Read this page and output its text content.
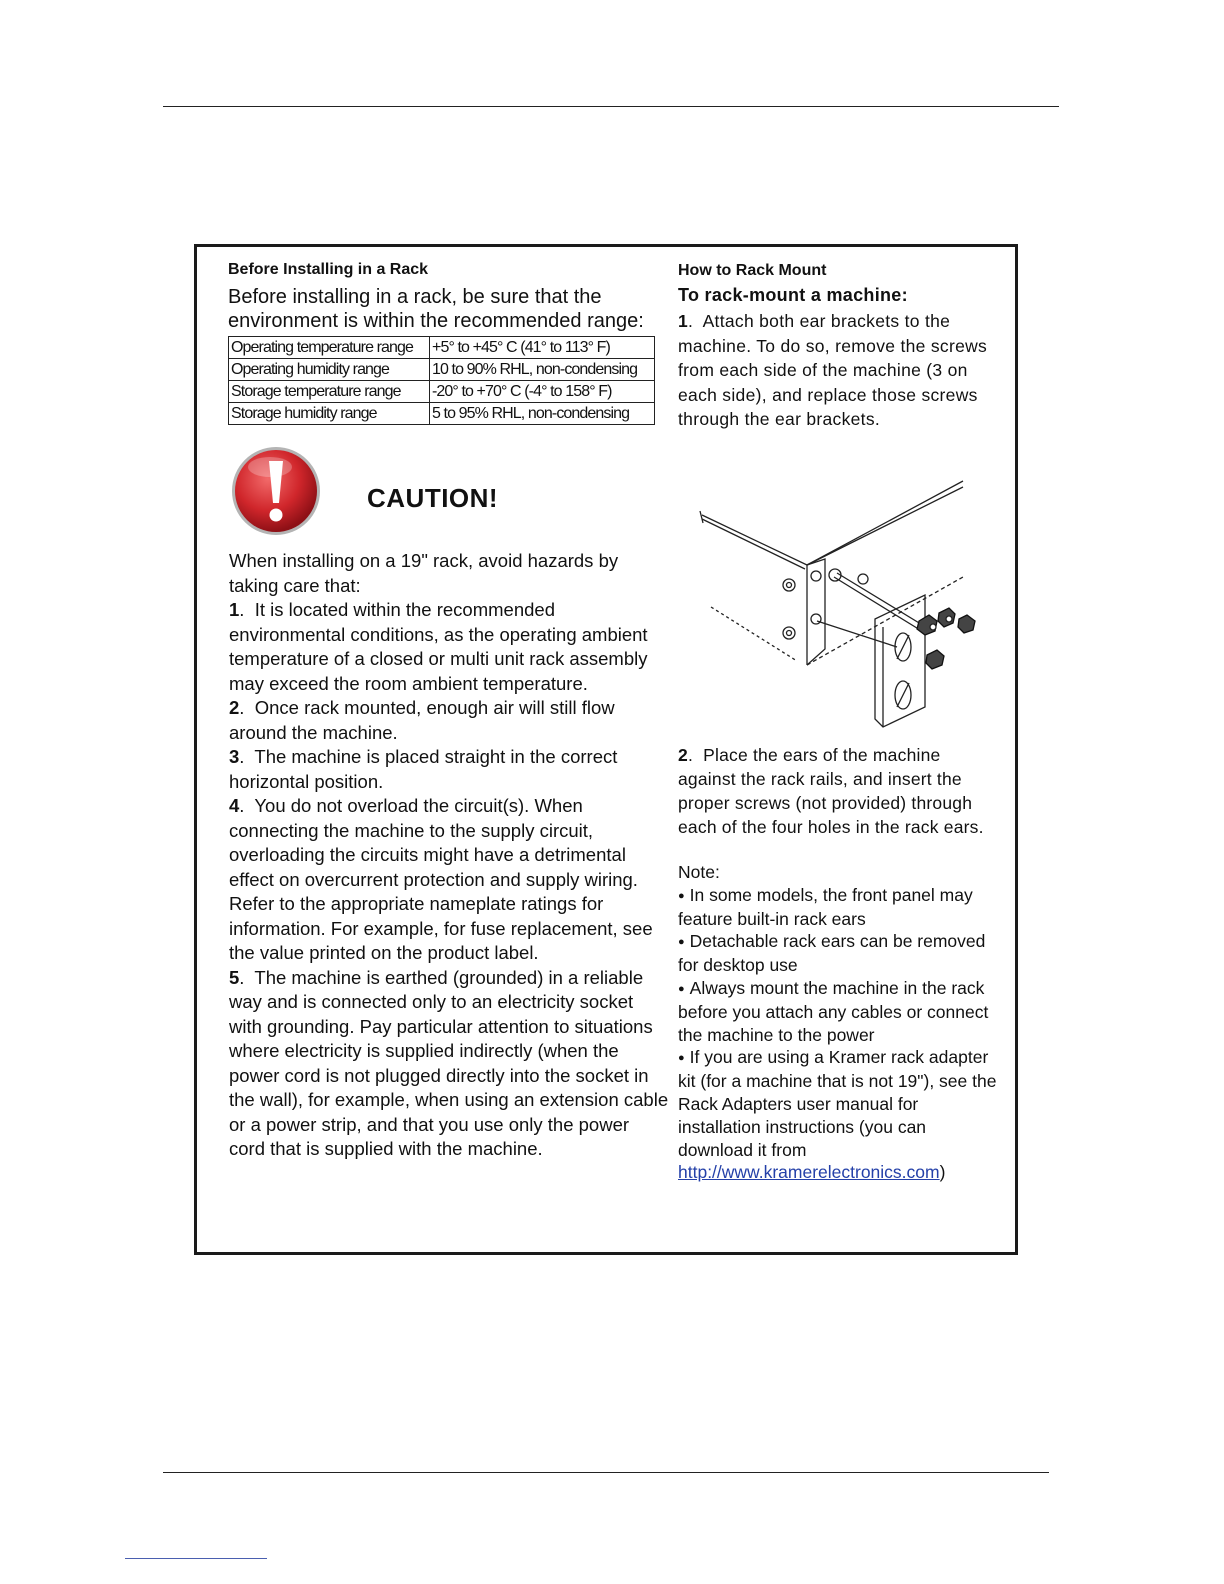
Before Installing in a Rack
Before installing in a rack, be sure that the environment is within the recommended range:
Operating temperature range	+5° to +45° C (41° to 113° F)
Operating humidity range	10 to 90% RHL, non-condensing
Storage temperature range	-20° to +70° C (-4° to 158° F)
Storage humidity range	5 to 95% RHL, non-condensing
CAUTION!

When installing on a 19" rack, avoid hazards by taking care that:

1.  It is located within the recommended environmental conditions, as the operating ambient temperature of a closed or multi unit rack assembly may exceed the room ambient temperature.

2.  Once rack mounted, enough air will still flow around the machine.

3.  The machine is placed straight in the correct horizontal position.

4.  You do not overload the circuit(s). When connecting the machine to the supply circuit, overloading the circuits might have a detrimental effect on overcurrent protection and supply wiring. Refer to the appropriate nameplate ratings for information. For example, for fuse replacement, see the value printed on the product label.

5.  The machine is earthed (grounded) in a reliable way and is connected only to an electricity socket with grounding. Pay particular attention to situations where electricity is supplied indirectly (when the power cord is not plugged directly into the socket in the wall), for example, when using an extension cable or a power strip, and that you use only the power cord that is supplied with the machine.

How to Rack Mount
To rack-mount a machine:
1.  Attach both ear brackets to the machine. To do so, remove the screws from each side of the machine (3 on each side), and replace those screws through the ear brackets.
2.  Place the ears of the machine against the rack rails, and insert the proper screws (not provided) through each of the four holes in the rack ears.

Note:

● In some models, the front panel may feature built-in rack ears

● Detachable rack ears can be removed for desktop use

● Always mount the machine in the rack before you attach any cables or connect the machine to the power

● If you are using a Kramer rack adapter kit (for a machine that is not 19"), see the Rack Adapters user manual for installation instructions (you can download it from
http://www.kramerelectronics.com)
